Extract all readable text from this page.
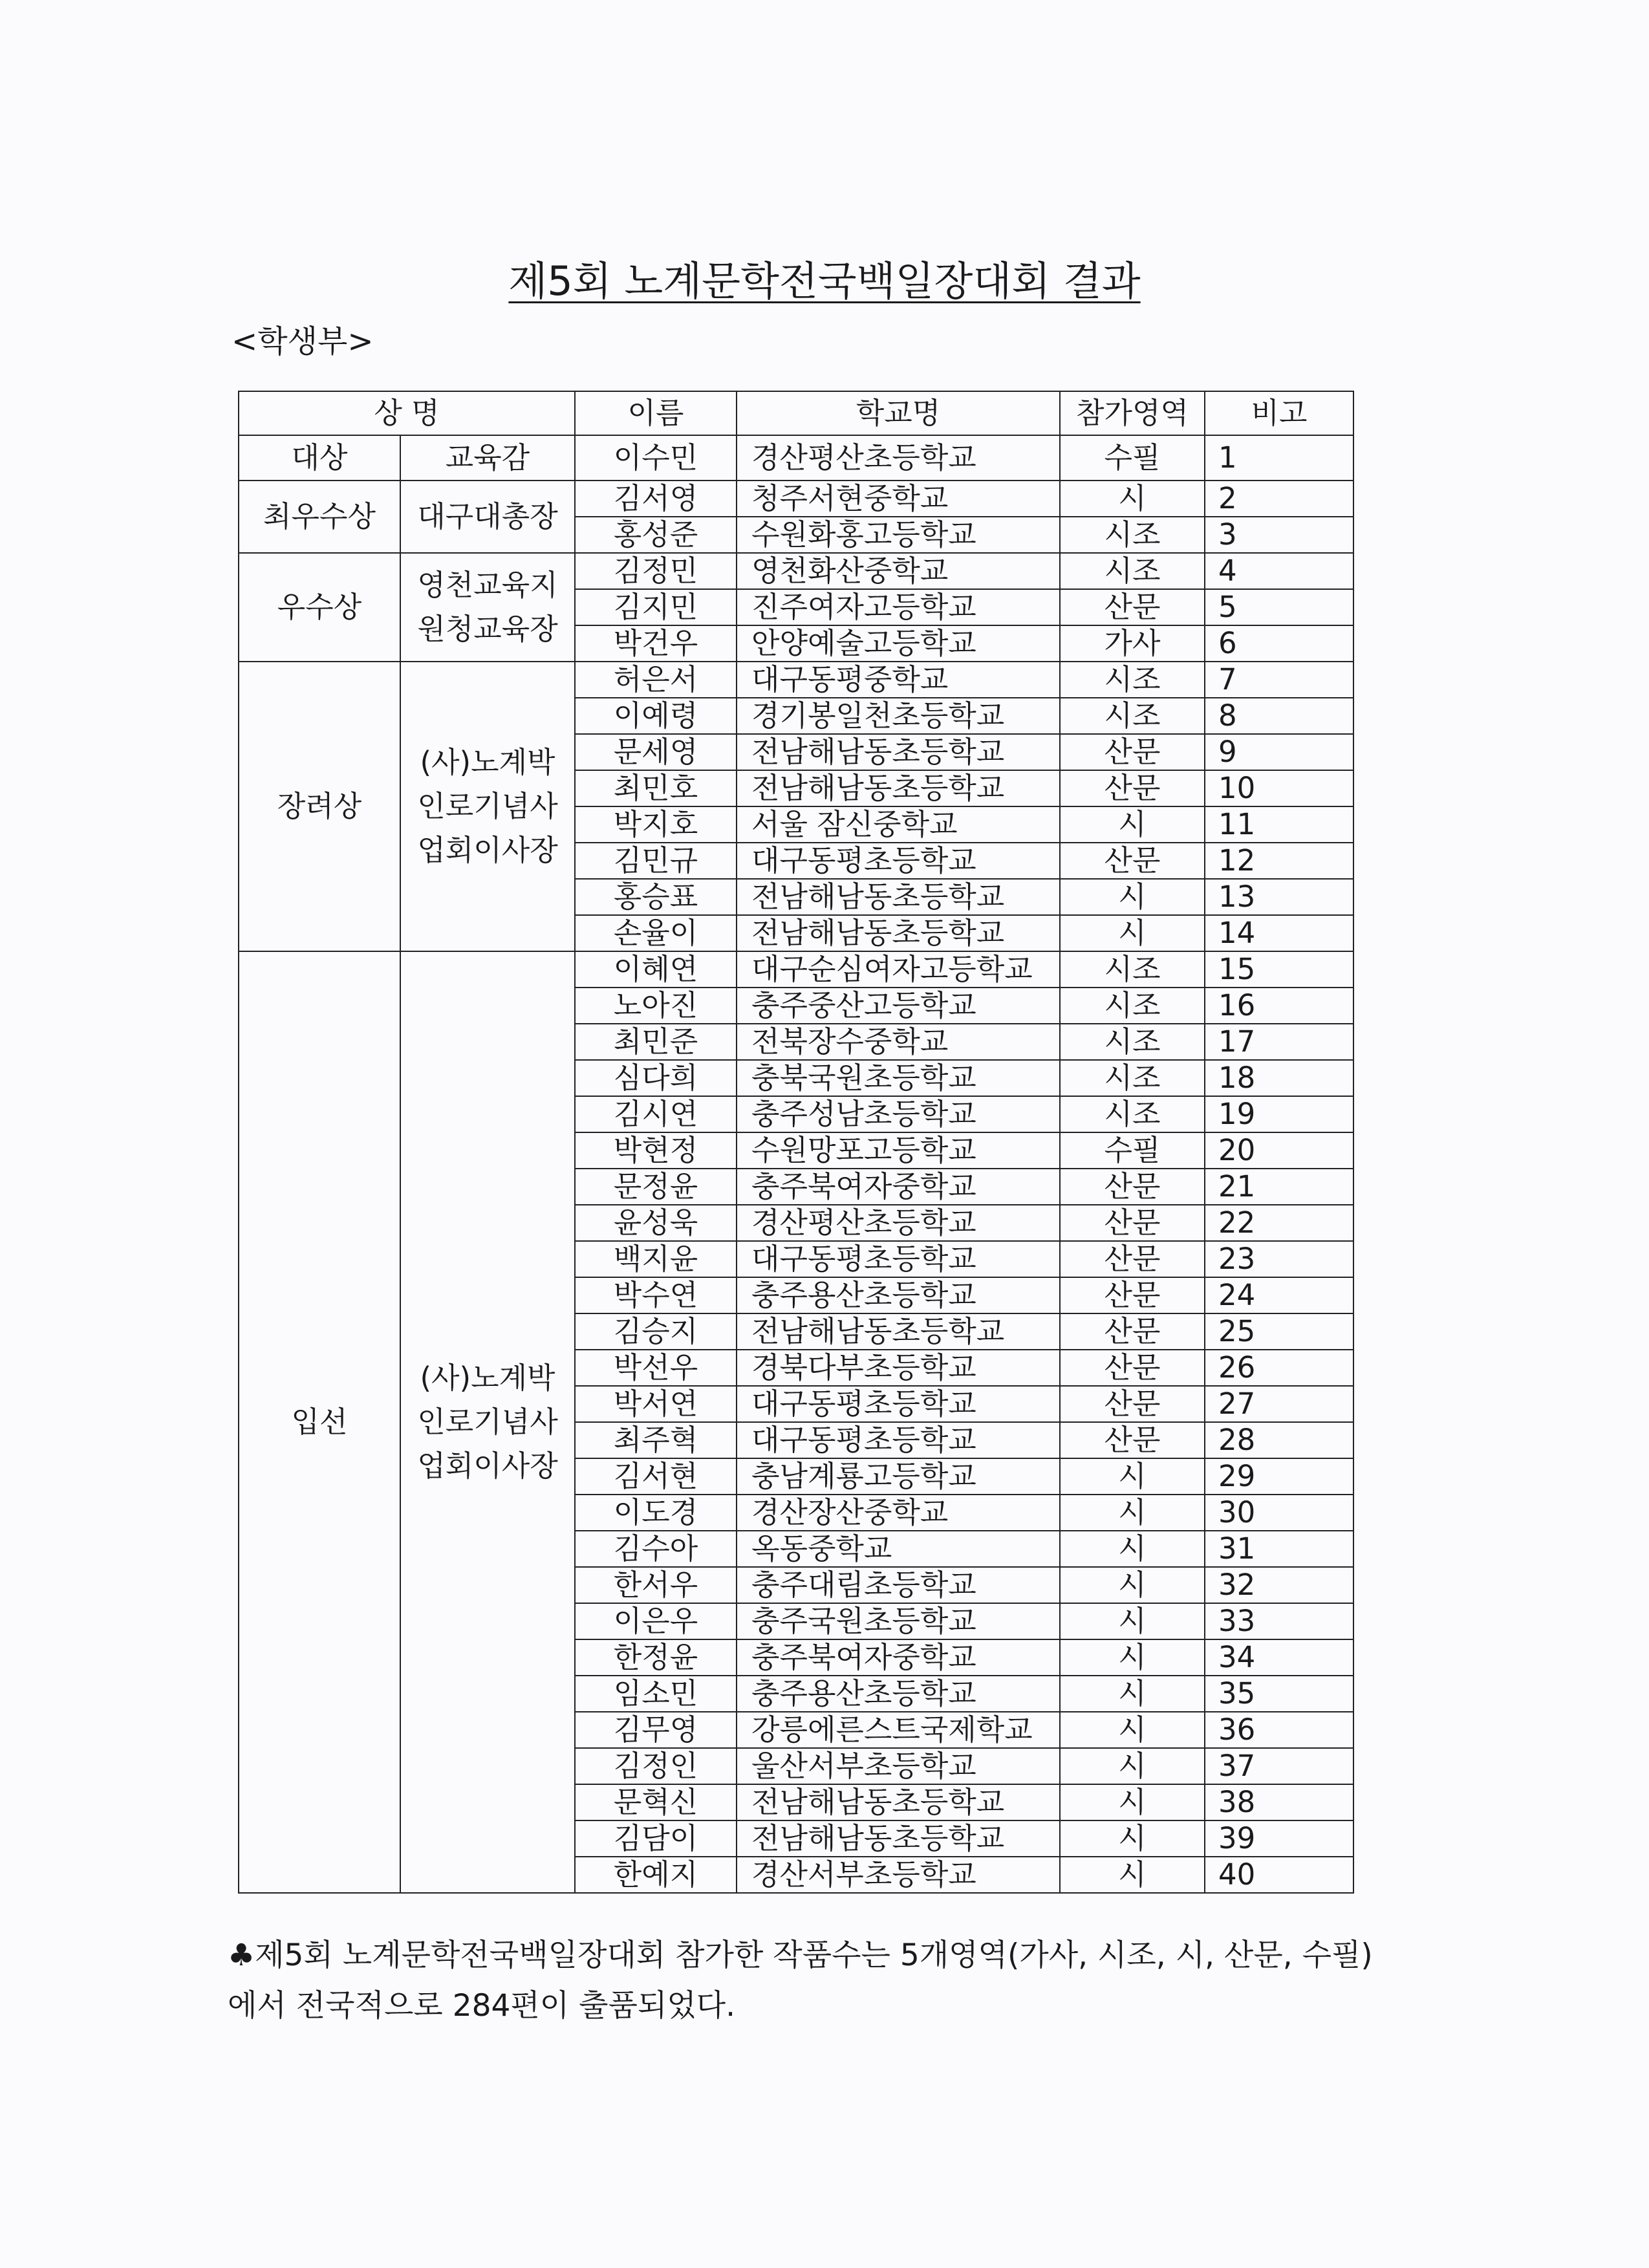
제5회 노계문학전국백일장대회 결과
<학생부>
상 명		이름	학교명	참가영역	비고
대상	교육감	이수민	경산평산초등학교	수필	1
최우수상	대구대총장	김서영	청주서현중학교	시	2
		홍성준	수원화홍고등학교	시조	3
우수상	영천교육지
원청교육장	김정민	영천화산중학교	시조	4
		김지민	진주여자고등학교	산문	5
		박건우	안양예술고등학교	가사	6
장려상	(사)노계박
인로기념사
업회이사장	허은서	대구동평중학교	시조	7
		이예령	경기봉일천초등학교	시조	8
		문세영	전남해남동초등학교	산문	9
		최민호	전남해남동초등학교	산문	10
		박지호	서울 잠신중학교	시	11
		김민규	대구동평초등학교	산문	12
		홍승표	전남해남동초등학교	시	13
		손율이	전남해남동초등학교	시	14
입선	(사)노계박
인로기념사
업회이사장	이혜연	대구순심여자고등학교	시조	15
		노아진	충주중산고등학교	시조	16
		최민준	전북장수중학교	시조	17
		심다희	충북국원초등학교	시조	18
		김시연	충주성남초등학교	시조	19
		박현정	수원망포고등학교	수필	20
		문정윤	충주북여자중학교	산문	21
		윤성욱	경산평산초등학교	산문	22
		백지윤	대구동평초등학교	산문	23
		박수연	충주용산초등학교	산문	24
		김승지	전남해남동초등학교	산문	25
		박선우	경북다부초등학교	산문	26
		박서연	대구동평초등학교	산문	27
		최주혁	대구동평초등학교	산문	28
		김서현	충남계룡고등학교	시	29
		이도경	경산장산중학교	시	30
		김수아	옥동중학교	시	31
		한서우	충주대림초등학교	시	32
		이은우	충주국원초등학교	시	33
		한정윤	충주북여자중학교	시	34
		임소민	충주용산초등학교	시	35
		김무영	강릉에른스트국제학교	시	36
		김정인	울산서부초등학교	시	37
		문혁신	전남해남동초등학교	시	38
		김담이	전남해남동초등학교	시	39
		한예지	경산서부초등학교	시	40
♣제5회 노계문학전국백일장대회 참가한 작품수는 5개영역(가사, 시조, 시, 산문, 수필)에서 전국적으로 284편이 출품되었다.
